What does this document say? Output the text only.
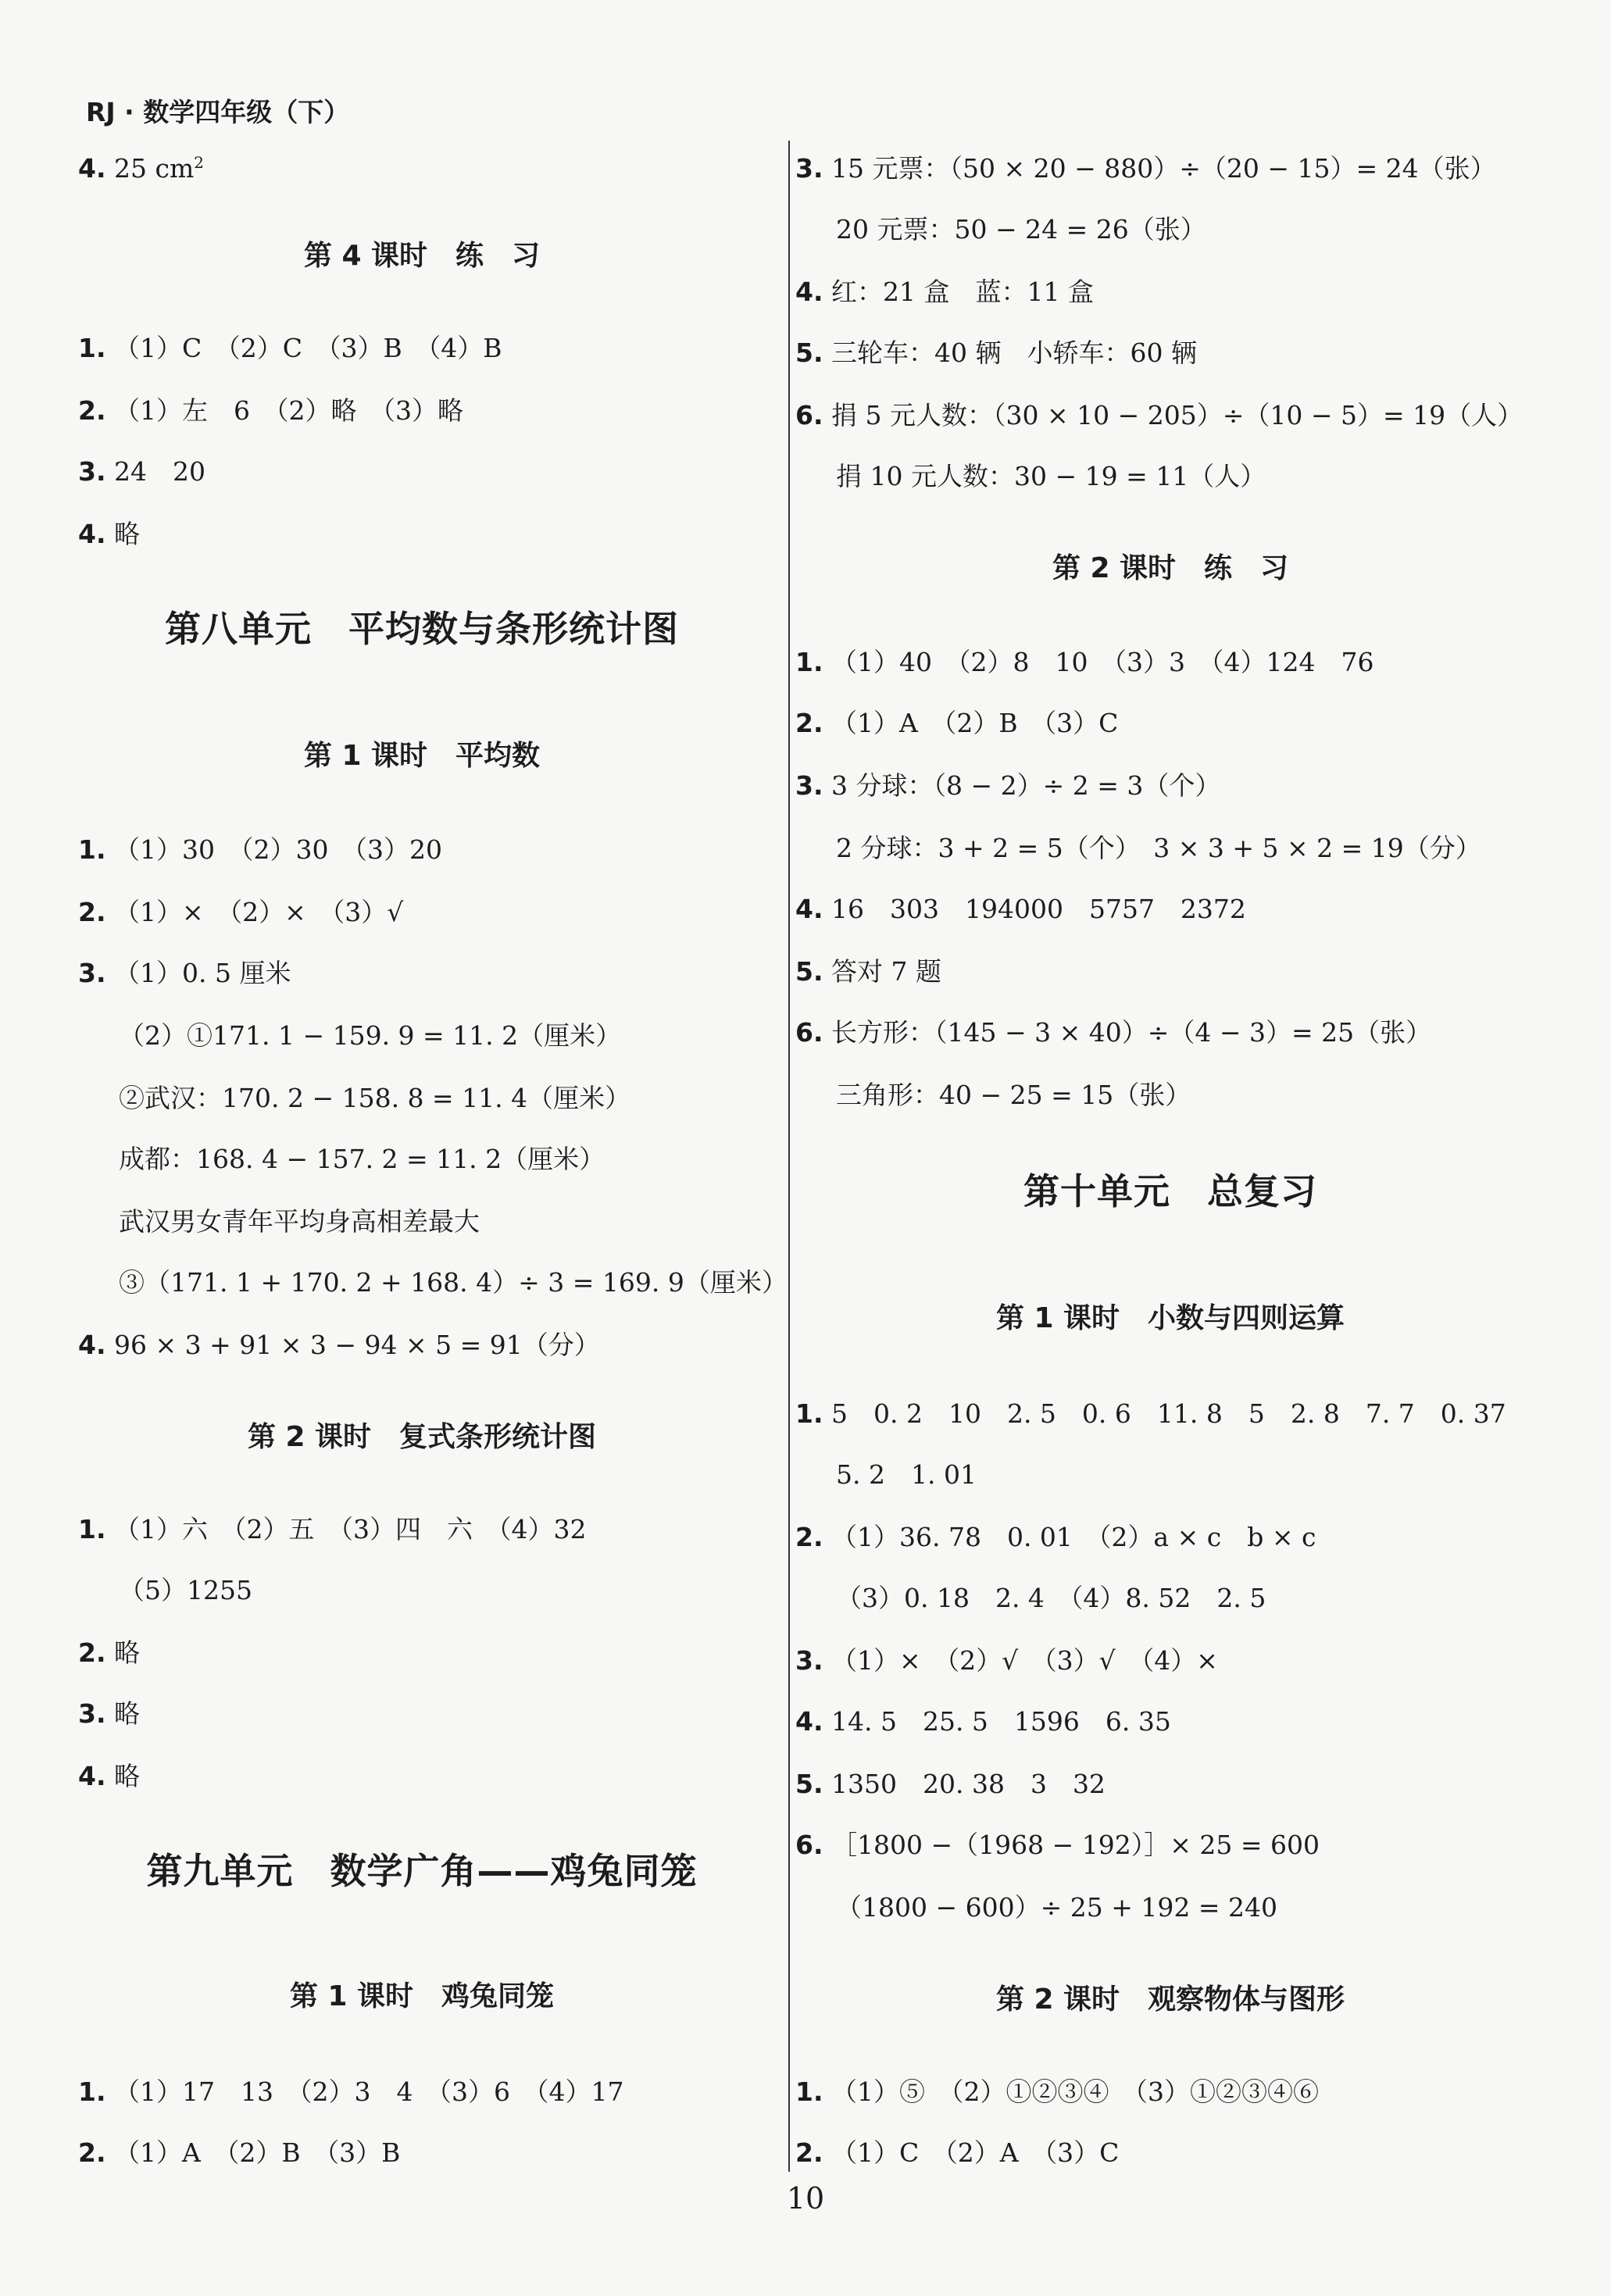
RJ · 数学四年级（下）
4. 25 $cm^2$
第 4 课时　练　习
1. （1）C　（2）C　（3）B　（4）B
2. （1）左　6　（2）略　（3）略
3. 24　20
4. 略
第八单元　平均数与条形统计图
第 1 课时　平均数
1. （1）30　（2）30　（3）20
2. （1）×　（2）×　（3）√
3. （1）0. 5 厘米
（2）①171. 1 − 159. 9 = 11. 2（厘米）
②武汉：170. 2 − 158. 8 = 11. 4（厘米）
成都：168. 4 − 157. 2 = 11. 2（厘米）
武汉男女青年平均身高相差最大
③（171. 1 + 170. 2 + 168. 4）÷ 3 = 169. 9（厘米）
4. 96 × 3 + 91 × 3 − 94 × 5 = 91（分）
第 2 课时　复式条形统计图
1. （1）六　（2）五　（3）四　六　（4）32
（5）1255
2. 略
3. 略
4. 略
第九单元　数学广角——鸡兔同笼
第 1 课时　鸡兔同笼
1. （1）17　13　（2）3　4　（3）6　（4）17
2. （1）A　（2）B　（3）B
3. 15 元票：（50 × 20 − 880）÷（20 − 15）= 24（张）
20 元票：50 − 24 = 26（张）
4. 红：21 盒　蓝：11 盒
5. 三轮车：40 辆　小轿车：60 辆
6. 捐 5 元人数：（30 × 10 − 205）÷（10 − 5）= 19（人）
捐 10 元人数：30 − 19 = 11（人）
第 2 课时　练　习
1. （1）40　（2）8　10　（3）3　（4）124　76
2. （1）A　（2）B　（3）C
3. 3 分球：（8 − 2）÷ 2 = 3（个）
2 分球：3 + 2 = 5（个）　3 × 3 + 5 × 2 = 19（分）
4. 16　303　194000　5757　2372
5. 答对 7 题
6. 长方形：（145 − 3 × 40）÷（4 − 3）= 25（张）
三角形：40 − 25 = 15（张）
第十单元　总复习
第 1 课时　小数与四则运算
1. 5　0. 2　10　2. 5　0. 6　11. 8　5　2. 8　7. 7　0. 37
5. 2　1. 01
2. （1）36. 78　0. 01　（2）a × c　b × c
（3）0. 18　2. 4　（4）8. 52　2. 5
3. （1）×　（2）√　（3）√　（4）×
4. 14. 5　25. 5　1596　6. 35
5. 1350　20. 38　3　32
6. ［1800 −（1968 − 192）］× 25 = 600
（1800 − 600）÷ 25 + 192 = 240
第 2 课时　观察物体与图形
1. （1）⑤　（2）①②③④　（3）①②③④⑥
2. （1）C　（2）A　（3）C
10
